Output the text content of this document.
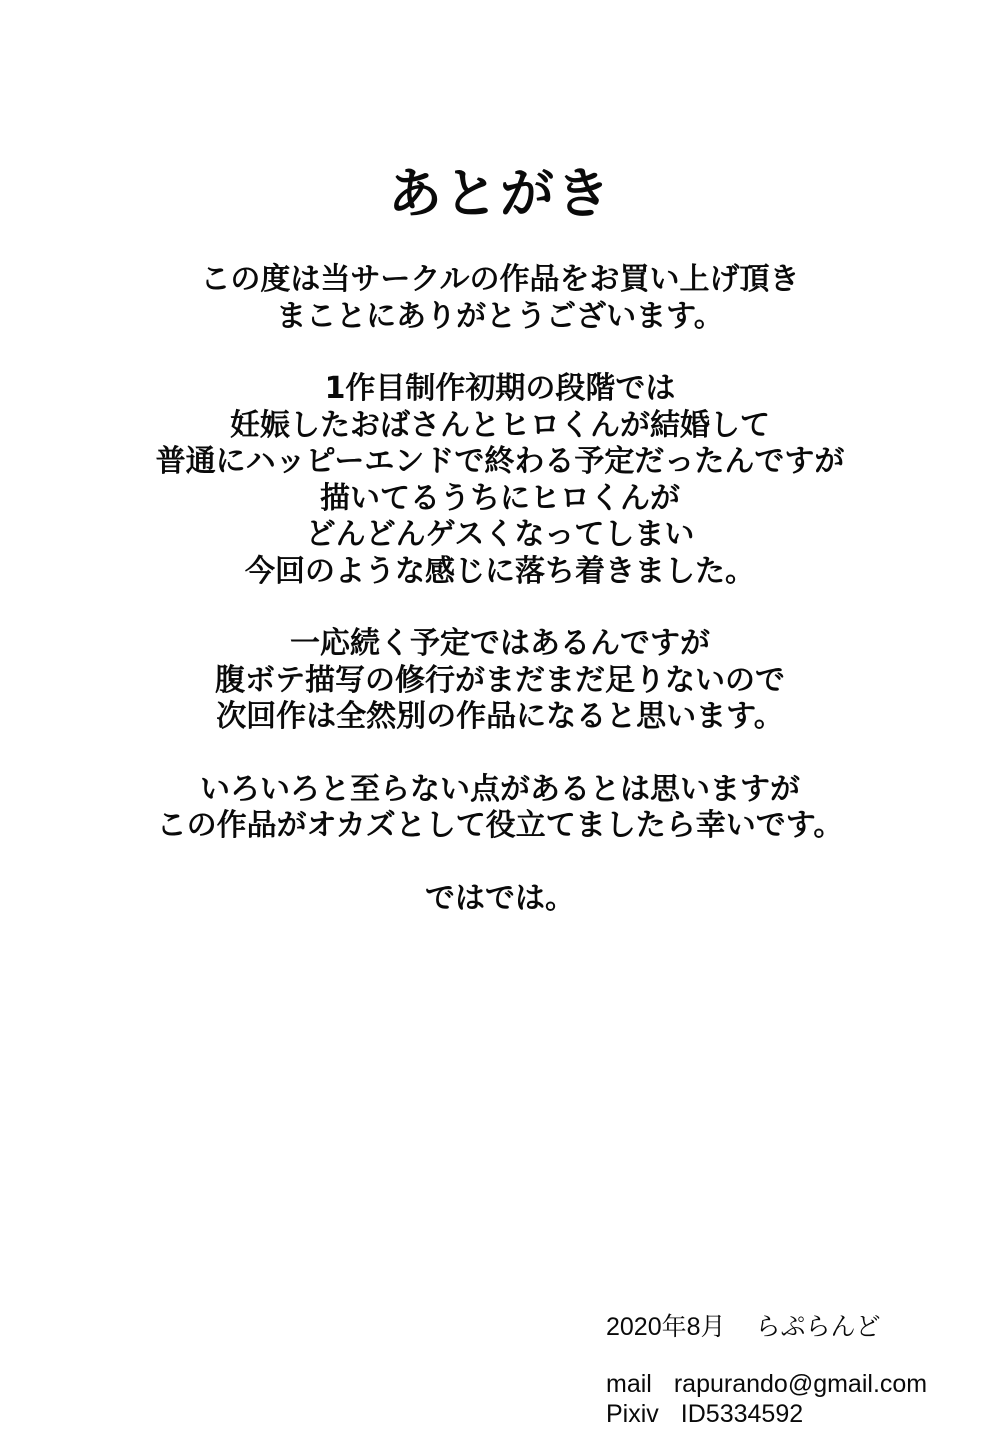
あとがき

この度は当サークルの作品をお買い上げ頂き
まことにありがとうございます。

1作目制作初期の段階では
妊娠したおばさんとヒロくんが結婚して
普通にハッピーエンドで終わる予定だったんですが
描いてるうちにヒロくんが
どんどんゲスくなってしまい
今回のような感じに落ち着きました。

一応続く予定ではあるんですが
腹ボテ描写の修行がまだまだ足りないので
次回作は全然別の作品になると思います。

いろいろと至らない点があるとは思いますが
この作品がオカズとして役立てましたら幸いです。

ではでは。

2020年8月 らぷらんど
mail rapurando@gmail.com
Pixiv ID5334592
